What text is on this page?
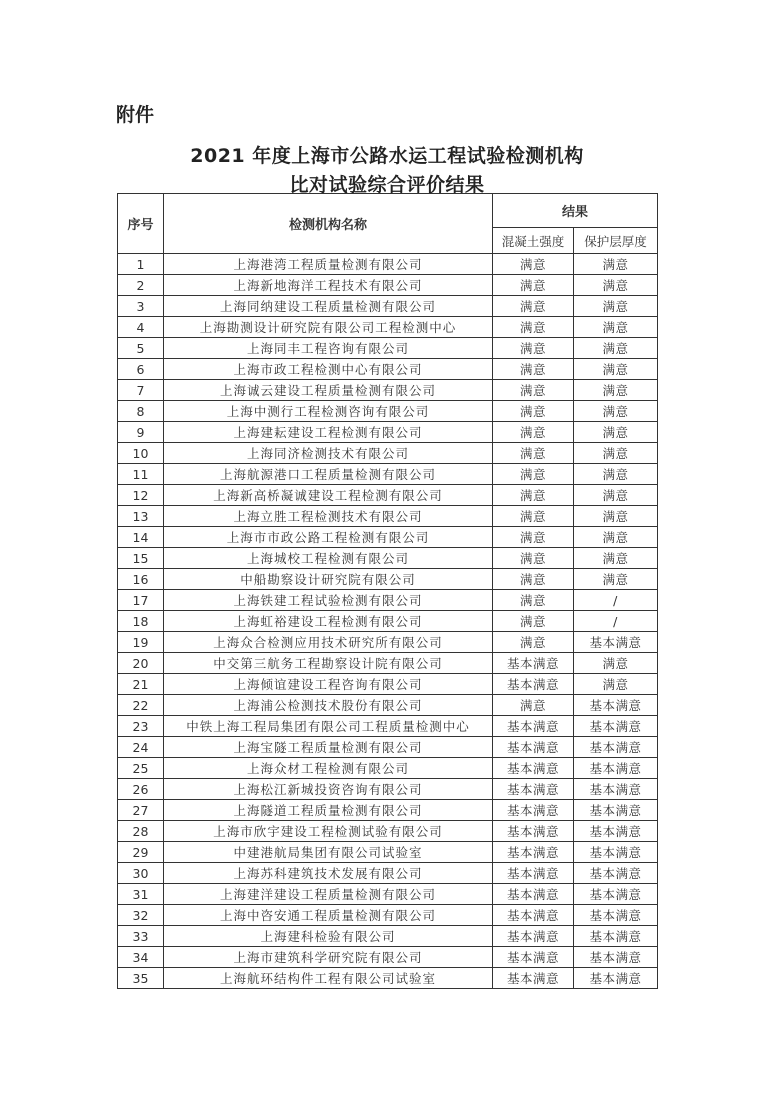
附件
2021 年度上海市公路水运工程试验检测机构
比对试验综合评价结果
序号	检测机构名称	结果	
		混凝土强度	保护层厚度
1	上海港湾工程质量检测有限公司	满意	满意
2	上海新地海洋工程技术有限公司	满意	满意
3	上海同纳建设工程质量检测有限公司	满意	满意
4	上海勘测设计研究院有限公司工程检测中心	满意	满意
5	上海同丰工程咨询有限公司	满意	满意
6	上海市政工程检测中心有限公司	满意	满意
7	上海诚云建设工程质量检测有限公司	满意	满意
8	上海中测行工程检测咨询有限公司	满意	满意
9	上海建耘建设工程检测有限公司	满意	满意
10	上海同济检测技术有限公司	满意	满意
11	上海航源港口工程质量检测有限公司	满意	满意
12	上海新高桥凝诚建设工程检测有限公司	满意	满意
13	上海立胜工程检测技术有限公司	满意	满意
14	上海市市政公路工程检测有限公司	满意	满意
15	上海城校工程检测有限公司	满意	满意
16	中船勘察设计研究院有限公司	满意	满意
17	上海铁建工程试验检测有限公司	满意	/
18	上海虹裕建设工程检测有限公司	满意	/
19	上海众合检测应用技术研究所有限公司	满意	基本满意
20	中交第三航务工程勘察设计院有限公司	基本满意	满意
21	上海倾谊建设工程咨询有限公司	基本满意	满意
22	上海浦公检测技术股份有限公司	满意	基本满意
23	中铁上海工程局集团有限公司工程质量检测中心	基本满意	基本满意
24	上海宝隧工程质量检测有限公司	基本满意	基本满意
25	上海众材工程检测有限公司	基本满意	基本满意
26	上海松江新城投资咨询有限公司	基本满意	基本满意
27	上海隧道工程质量检测有限公司	基本满意	基本满意
28	上海市欣宇建设工程检测试验有限公司	基本满意	基本满意
29	中建港航局集团有限公司试验室	基本满意	基本满意
30	上海苏科建筑技术发展有限公司	基本满意	基本满意
31	上海建洋建设工程质量检测有限公司	基本满意	基本满意
32	上海中咨安通工程质量检测有限公司	基本满意	基本满意
33	上海建科检验有限公司	基本满意	基本满意
34	上海市建筑科学研究院有限公司	基本满意	基本满意
35	上海航环结构件工程有限公司试验室	基本满意	基本满意
